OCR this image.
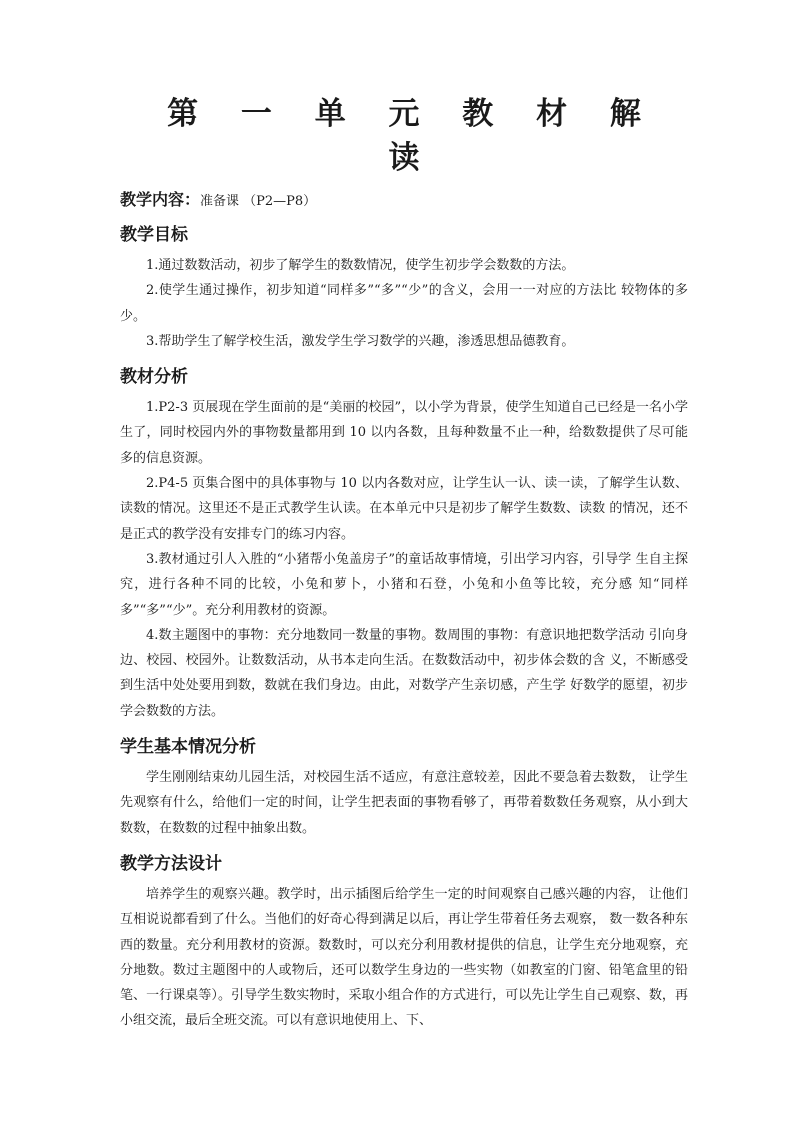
第 一 单 元 教 材 解 读
教学内容：准备课 （P2—P8）
教学目标

1.通过数数活动，初步了解学生的数数情况，使学生初步学会数数的方法。

2.使学生通过操作，初步知道“同样多”“多”“少”的含义，会用一一对应的方法比 较物体的多少。

3.帮助学生了解学校生活，激发学生学习数学的兴趣，渗透思想品德教育。

教材分析

1.P2-3 页展现在学生面前的是“美丽的校园”，以小学为背景，使学生知道自己已经是一名小学生了，同时校园内外的事物数量都用到 10 以内各数，且每种数量不止一种，给数数提供了尽可能多的信息资源。

2.P4-5 页集合图中的具体事物与 10 以内各数对应，让学生认一认、读一读，了解学生认数、读数的情况。这里还不是正式教学生认读。在本单元中只是初步了解学生数数、读数 的情况，还不是正式的教学没有安排专门的练习内容。

3.教材通过引人入胜的“小猪帮小兔盖房子”的童话故事情境，引出学习内容，引导学 生自主探究，进行各种不同的比较，小兔和萝卜，小猪和石登，小兔和小鱼等比较，充分感 知“同样多”“多”“少”。充分利用教材的资源。

4.数主题图中的事物：充分地数同一数量的事物。数周围的事物：有意识地把数学活动 引向身边、校园、校园外。让数数活动，从书本走向生活。在数数活动中，初步体会数的含 义，不断感受到生活中处处要用到数，数就在我们身边。由此，对数学产生亲切感，产生学 好数学的愿望，初步学会数数的方法。

学生基本情况分析

学生刚刚结束幼儿园生活，对校园生活不适应，有意注意较差，因此不要急着去数数， 让学生先观察有什么，给他们一定的时间，让学生把表面的事物看够了，再带着数数任务观察，从小到大数数，在数数的过程中抽象出数。

教学方法设计

培养学生的观察兴趣。教学时，出示插图后给学生一定的时间观察自己感兴趣的内容， 让他们互相说说都看到了什么。当他们的好奇心得到满足以后，再让学生带着任务去观察， 数一数各种东西的数量。充分利用教材的资源。数数时，可以充分利用教材提供的信息，让学生充分地观察，充分地数。数过主题图中的人或物后，还可以数学生身边的一些实物（如教室的门窗、铅笔盒里的铅笔、一行课桌等）。引导学生数实物时，采取小组合作的方式进行，可以先让学生自己观察、数，再小组交流，最后全班交流。可以有意识地使用上、下、
